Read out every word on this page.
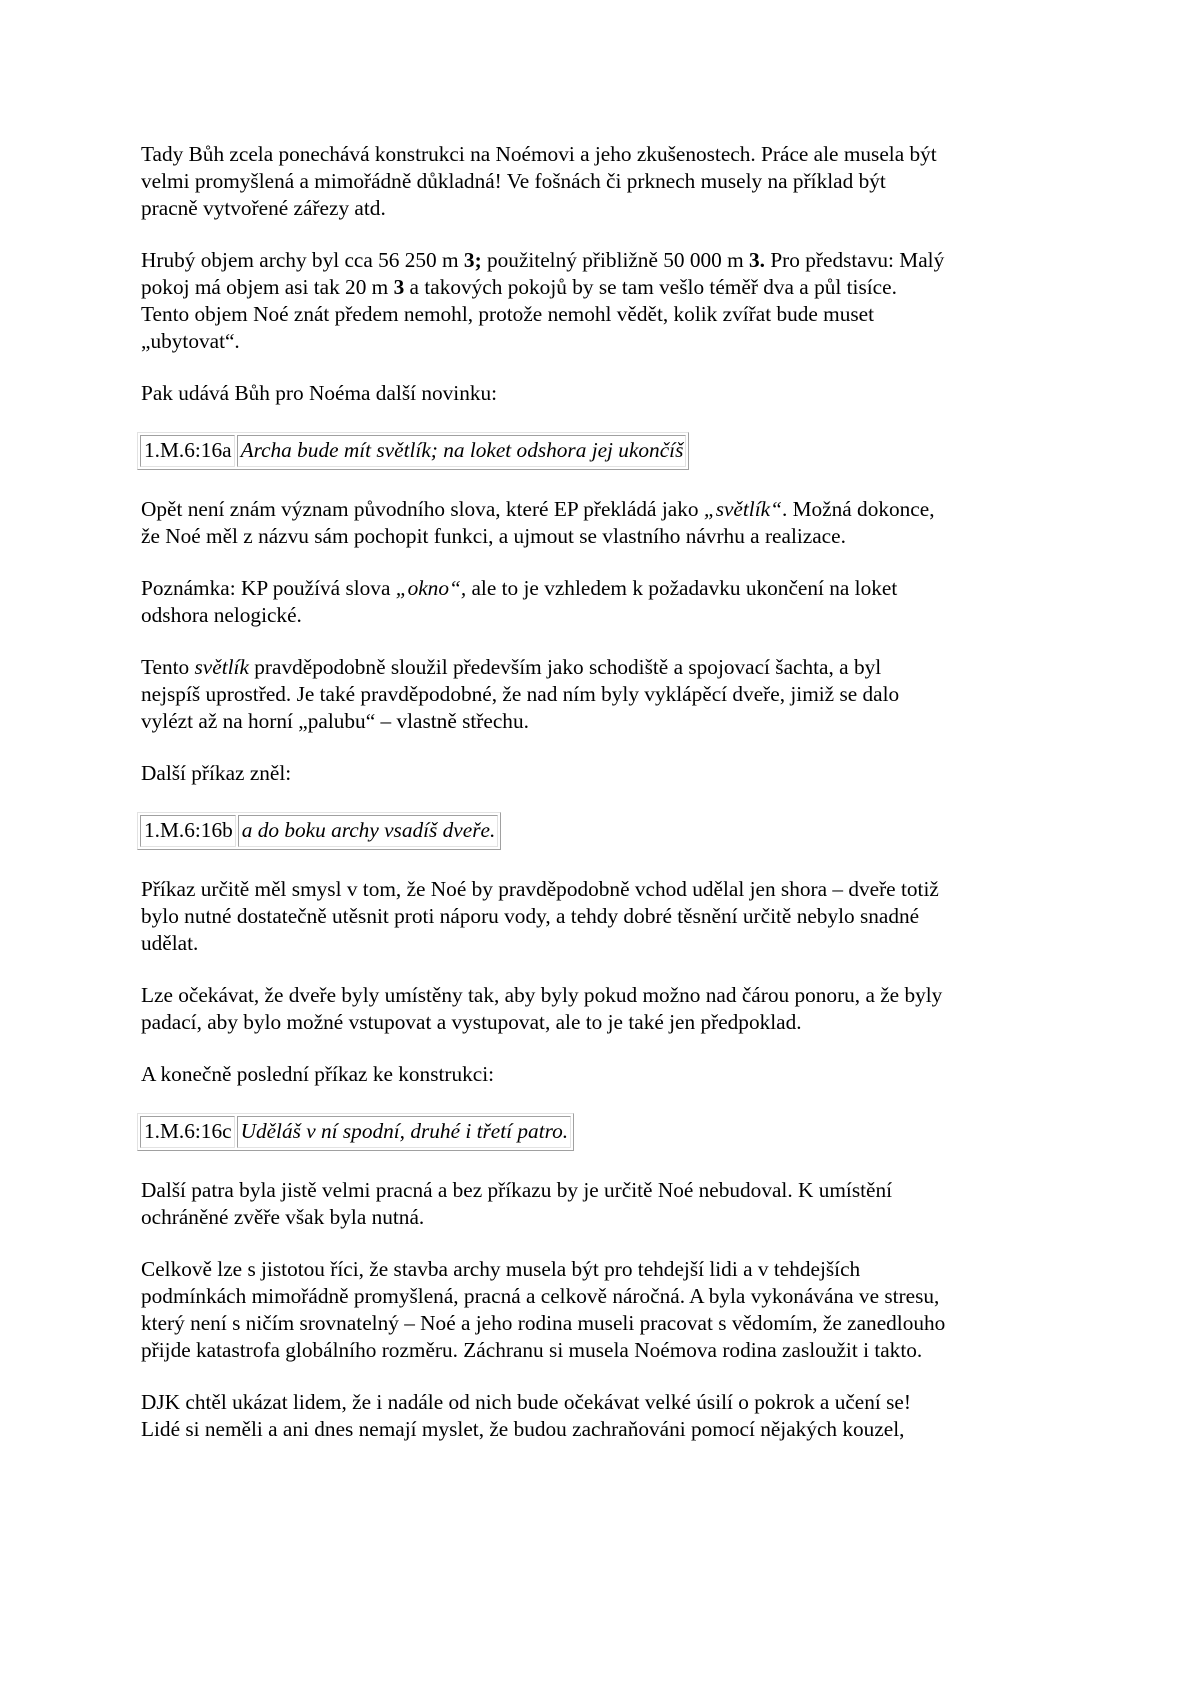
Tady Bůh zcela ponechává konstrukci na Noémovi a jeho zkušenostech. Práce ale musela být
velmi promyšlená a mimořádně důkladná! Ve fošnách či prknech musely na příklad být
pracně vytvořené zářezy atd.

Hrubý objem archy byl cca 56 250 m 3; použitelný přibližně 50 000 m 3. Pro představu: Malý
pokoj má objem asi tak 20 m 3 a takových pokojů by se tam vešlo téměř dva a půl tisíce.
Tento objem Noé znát předem nemohl, protože nemohl vědět, kolik zvířat bude muset
„ubytovat“.

Pak udává Bůh pro Noéma další novinku:

1.M.6:16a	Archa bude mít světlík; na loket odshora jej ukončíš

Opět není znám význam původního slova, které EP překládá jako „světlík“. Možná dokonce,
že Noé měl z názvu sám pochopit funkci, a ujmout se vlastního návrhu a realizace.

Poznámka: KP používá slova „okno“, ale to je vzhledem k požadavku ukončení na loket
odshora nelogické.

Tento světlík pravděpodobně sloužil především jako schodiště a spojovací šachta, a byl
nejspíš uprostřed. Je také pravděpodobné, že nad ním byly vyklápěcí dveře, jimiž se dalo
vylézt až na horní „palubu“ – vlastně střechu.

Další příkaz zněl:

1.M.6:16b	a do boku archy vsadíš dveře.

Příkaz určitě měl smysl v tom, že Noé by pravděpodobně vchod udělal jen shora – dveře totiž
bylo nutné dostatečně utěsnit proti náporu vody, a tehdy dobré těsnění určitě nebylo snadné
udělat.

Lze očekávat, že dveře byly umístěny tak, aby byly pokud možno nad čárou ponoru, a že byly
padací, aby bylo možné vstupovat a vystupovat, ale to je také jen předpoklad.

A konečně poslední příkaz ke konstrukci:

1.M.6:16c	Uděláš v ní spodní, druhé i třetí patro.

Další patra byla jistě velmi pracná a bez příkazu by je určitě Noé nebudoval. K umístění
ochráněné zvěře však byla nutná.

Celkově lze s jistotou říci, že stavba archy musela být pro tehdejší lidi a v tehdejších
podmínkách mimořádně promyšlená, pracná a celkově náročná. A byla vykonávána ve stresu,
který není s ničím srovnatelný – Noé a jeho rodina museli pracovat s vědomím, že zanedlouho
přijde katastrofa globálního rozměru. Záchranu si musela Noémova rodina zasloužit i takto.

DJK chtěl ukázat lidem, že i nadále od nich bude očekávat velké úsilí o pokrok a učení se!
Lidé si neměli a ani dnes nemají myslet, že budou zachraňováni pomocí nějakých kouzel,
